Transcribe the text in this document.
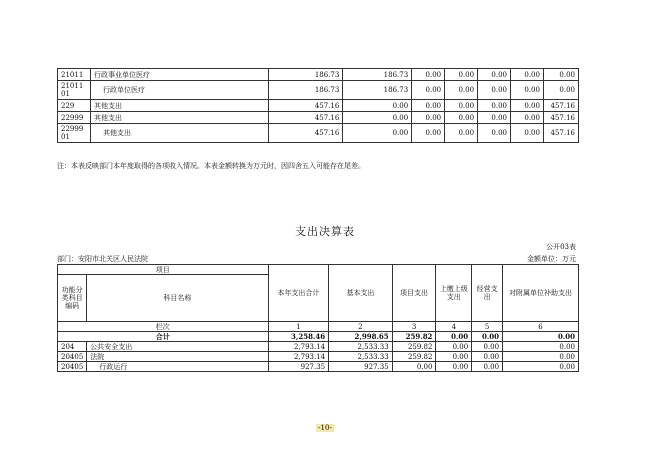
21011	行政事业单位医疗	186.73	186.73	0.00	0.00	0.00	0.00	0.00
21011 01	行政单位医疗	186.73	186.73	0.00	0.00	0.00	0.00	0.00
229	其他支出	457.16	0.00	0.00	0.00	0.00	0.00	457.16
22999	其他支出	457.16	0.00	0.00	0.00	0.00	0.00	457.16
22999 01	其他支出	457.16	0.00	0.00	0.00	0.00	0.00	457.16
注：本表反映部门本年度取得的各项收入情况。本表金额转换为万元时，因四舍五入可能存在尾差。
支出决算表
公开03表
部门：安阳市北关区人民法院	金额单位：万元
项目		本年支出合计	基本支出	项目支出	上缴上级支出	经营支出	对附属单位补助支出
功能分类科目编码	科目名称						
栏次		1	2	3	4	5	6
合计		3,258.46	2,998.65	259.82	0.00	0.00	0.00
204	公共安全支出	2,793.14	2,533.33	259.82	0.00	0.00	0.00
20405	法院	2,793.14	2,533.33	259.82	0.00	0.00	0.00
20405	行政运行	927.35	927.35	0.00	0.00	0.00	0.00
-10-
